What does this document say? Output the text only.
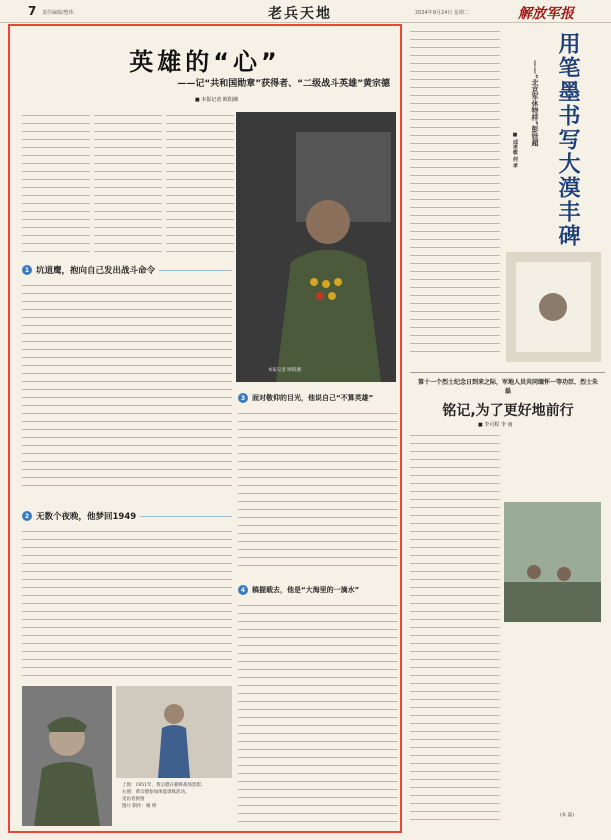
7 责任编辑/整体	老兵天地	2024年9月24日 星期二	解放军报
英雄的“心”
——记“共和国勋章”获得者、“二级战斗英雄”黄宗德
■ 本报记者 欧阳湘
本报记者 欧阳湘
1 坑道鹰，抱向自己发出战斗命令
2 无数个夜晚，他梦回1949
3 面对敬仰的目光，他说自己“不算英雄”
4 稿握载去，他是“大海里的一滴水”
上图：1951年，黄宗德在朝鲜战场留影。
右图：黄宗德参加体能训练活动。
受访者供图
图片 制作：谢 明
用笔墨书写大漠丰碑
——“北京军休特样”彭娃超
■ 邱孝敏 何 孝
第十一个烈士纪念日到来之际，军地人员共同缅怀一等功臣、烈士朱磊
铭记,为了更好地前行
■ 李可程 李 南
(朱 磊)
